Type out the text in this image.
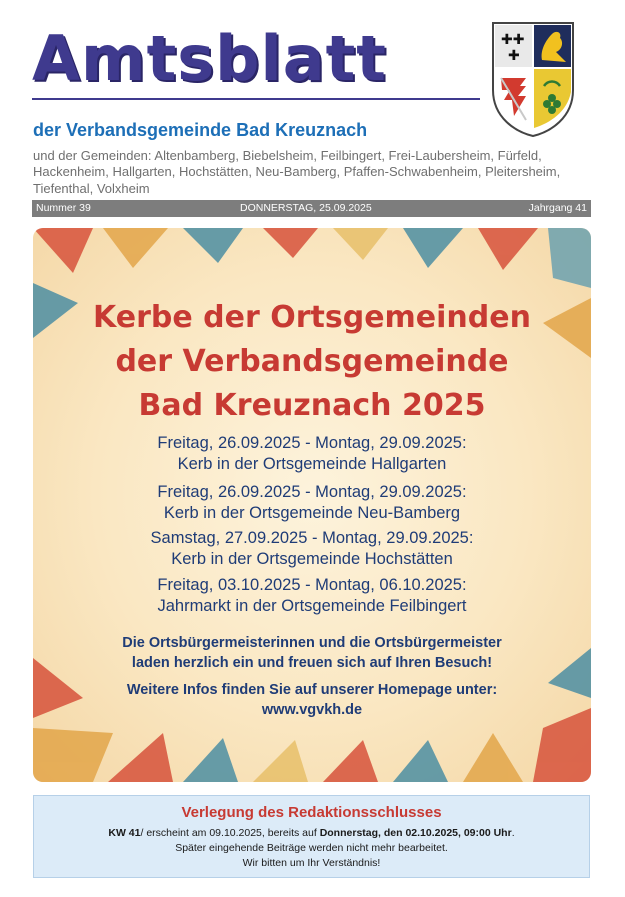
Amtsblatt	✚✚
✚
der Verbandsgemeinde Bad Kreuznach
und der Gemeinden: Altenbamberg, Biebelsheim, Feilbingert, Frei-Laubersheim, Fürfeld, Hackenheim, Hallgarten, Hochstätten, Neu-Bamberg, Pfaffen-Schwabenheim, Pleitersheim, Tiefenthal, Volxheim
Nummer 39	DONNERSTAG, 25.09.2025	Jahrgang 41
Kerbe der Ortsgemeinden
der Verbandsgemeinde
Bad Kreuznach 2025
Freitag, 26.09.2025 - Montag, 29.09.2025:
Kerb in der Ortsgemeinde Hallgarten
Freitag, 26.09.2025 - Montag, 29.09.2025:
Kerb in der Ortsgemeinde Neu-Bamberg
Samstag, 27.09.2025 - Montag, 29.09.2025:
Kerb in der Ortsgemeinde Hochstätten
Freitag, 03.10.2025 - Montag, 06.10.2025:
Jahrmarkt in der Ortsgemeinde Feilbingert
Die Ortsbürgermeisterinnen und die Ortsbürgermeister
laden herzlich ein und freuen sich auf Ihren Besuch!
Weitere Infos finden Sie auf unserer Homepage unter:
www.vgvkh.de
Verlegung des Redaktionsschlusses
KW 41/ erscheint am 09.10.2025, bereits auf Donnerstag, den 02.10.2025, 09:00 Uhr.
Später eingehende Beiträge werden nicht mehr bearbeitet.
Wir bitten um Ihr Verständnis!
